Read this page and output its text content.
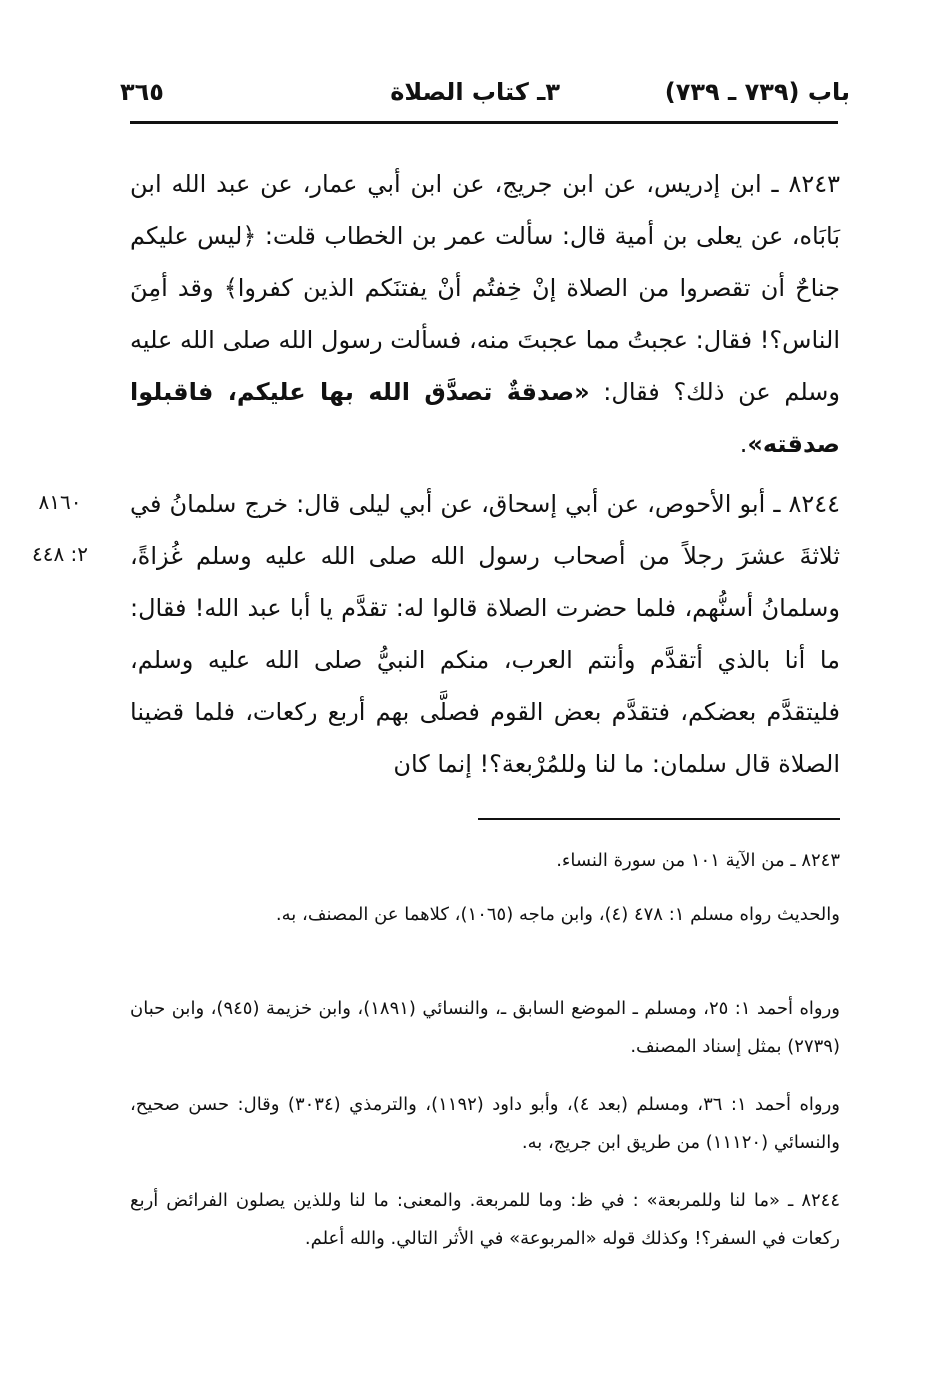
باب (٧٣٩ ـ ٧٣٩)
٣ـ كتاب الصلاة
٣٦٥
٨٢٤٣ ـ ابن إدريس، عن ابن جريج، عن ابن أبي عمار، عن عبد الله ابن بَابَاه، عن يعلى بن أمية قال: سألت عمر بن الخطاب قلت: ﴿ليس عليكم جناحٌ أن تقصروا من الصلاة إنْ خِفتُم أنْ يفتنَكم الذين كفروا﴾ وقد أمِنَ الناس؟! فقال: عجبتُ مما عجبتَ منه، فسألت رسول الله صلى الله عليه وسلم عن ذلك؟ فقال: «صدقةٌ تصدَّق الله بها عليكم، فاقبلوا صدقته».
٨٢٤٤ ـ أبو الأحوص، عن أبي إسحاق، عن أبي ليلى قال: خرج سلمانُ في ثلاثةَ عشرَ رجلاً من أصحاب رسول الله صلى الله عليه وسلم غُزاةً، وسلمانُ أسنُّهم، فلما حضرت الصلاة قالوا له: تقدَّم يا أبا عبد الله! فقال: ما أنا بالذي أتقدَّم وأنتم العرب، منكم النبيُّ صلى الله عليه وسلم، فليتقدَّم بعضكم، فتقدَّم بعض القوم فصلَّى بهم أربع ركعات، فلما قضينا الصلاة قال سلمان: ما لنا وللمُرْبعة؟! إنما كان
٨١٦٠
٢: ٤٤٨
٨٢٤٣ ـ من الآية ١٠١ من سورة النساء.
والحديث رواه مسلم ١: ٤٧٨ (٤)، وابن ماجه (١٠٦٥)، كلاهما عن المصنف، به.
ورواه أحمد ١: ٢٥، ومسلم ـ الموضع السابق ـ، والنسائي (١٨٩١)، وابن خزيمة (٩٤٥)، وابن حبان (٢٧٣٩) بمثل إسناد المصنف.
ورواه أحمد ١: ٣٦، ومسلم (بعد ٤)، وأبو داود (١١٩٢)، والترمذي (٣٠٣٤) وقال: حسن صحيح، والنسائي (١١١٢٠) من طريق ابن جريج، به.
٨٢٤٤ ـ «ما لنا وللمربعة» : في ظ: وما للمربعة. والمعنى: ما لنا وللذين يصلون الفرائض أربع ركعات في السفر؟! وكذلك قوله «المربوعة» في الأثر التالي. والله أعلم.
